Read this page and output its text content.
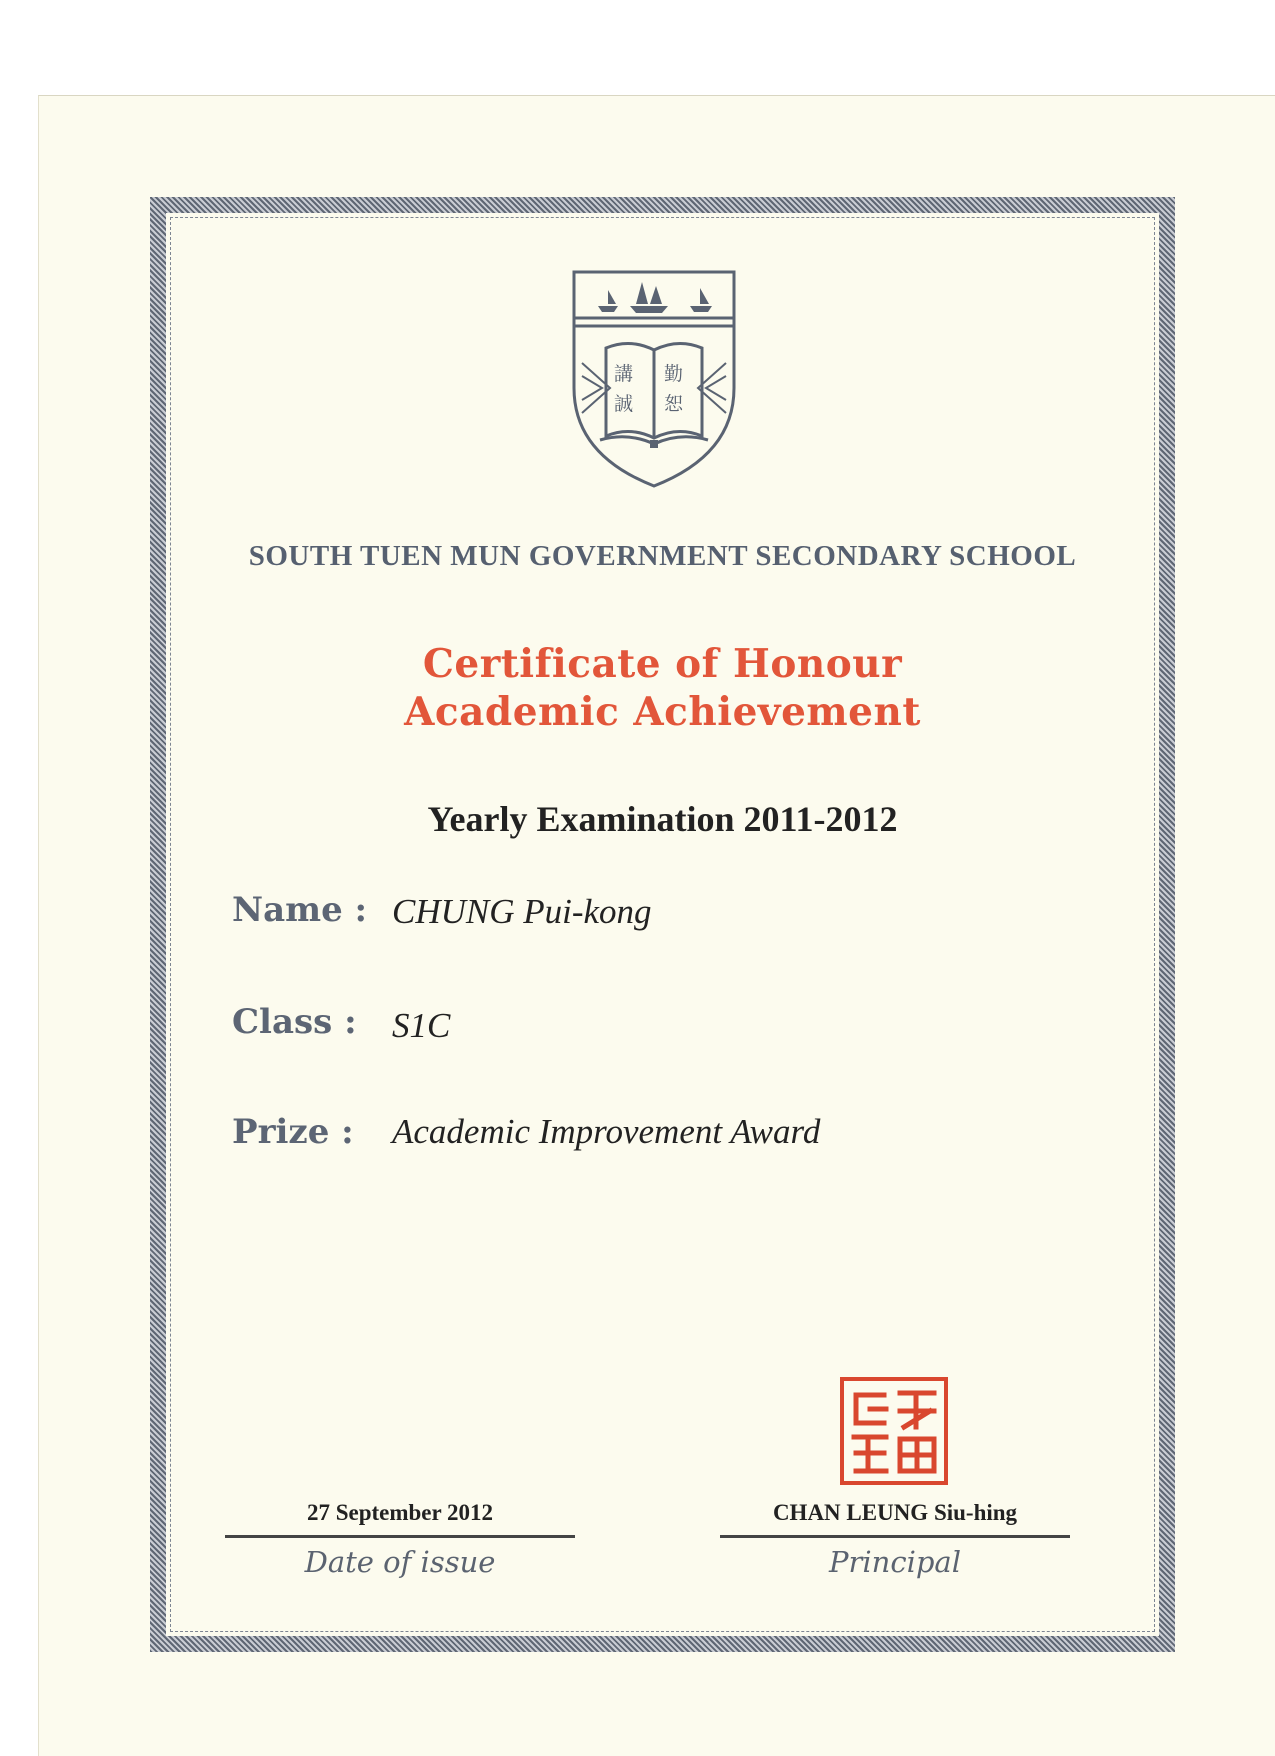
講
誠
勤
恕
SOUTH TUEN MUN GOVERNMENT SECONDARY SCHOOL
Certificate of Honour
Academic Achievement
Yearly Examination 2011-2012
Name : CHUNG Pui-kong
Class :	S1C
Prize :	Academic Improvement Award
27 September 2012
Date of issue
CHAN LEUNG Siu-hing
Principal
